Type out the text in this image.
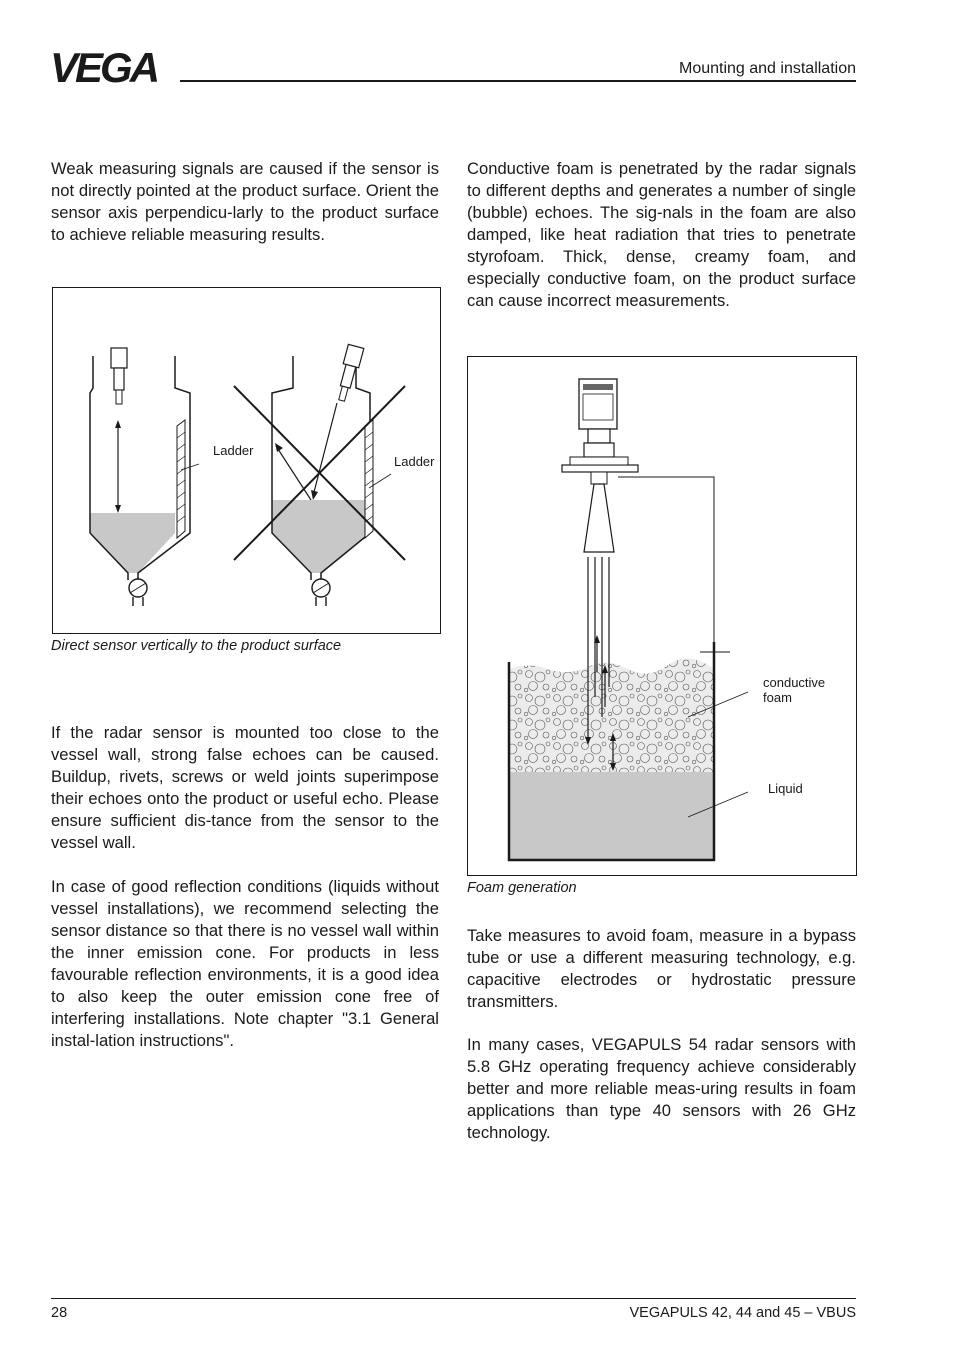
VEGA	Mounting and installation

Weak measuring signals are caused if the sensor is not directly pointed at the product surface. Orient the sensor axis perpendicu-larly to the product surface to achieve reliable measuring results.

Ladder
Ladder
Direct sensor vertically to the product surface

If the radar sensor is mounted too close to the vessel wall, strong false echoes can be caused. Buildup, rivets, screws or weld joints superimpose their echoes onto the product or useful echo. Please ensure sufficient dis-tance from the sensor to the vessel wall.

In case of good reflection conditions (liquids without vessel installations), we recommend selecting the sensor distance so that there is no vessel wall within the inner emission cone. For products in less favourable reflection environments, it is a good idea to also keep the outer emission cone free of interfering installations. Note chapter "3.1 General instal-lation instructions".

Conductive foam is penetrated by the radar signals to different depths and generates a number of single (bubble) echoes. The sig-nals in the foam are also damped, like heat radiation that tries to penetrate styrofoam. Thick, dense, creamy foam, and especially conductive foam, on the product surface can cause incorrect measurements.

conductive
foam
Liquid
Foam generation

Take measures to avoid foam, measure in a bypass tube or use a different measuring technology, e.g. capacitive electrodes or hydrostatic pressure transmitters.

In many cases, VEGAPULS 54 radar sensors with 5.8 GHz operating frequency achieve considerably better and more reliable meas-uring results in foam applications than type 40 sensors with 26 GHz technology.

28	VEGAPULS 42, 44 and 45 – VBUS
